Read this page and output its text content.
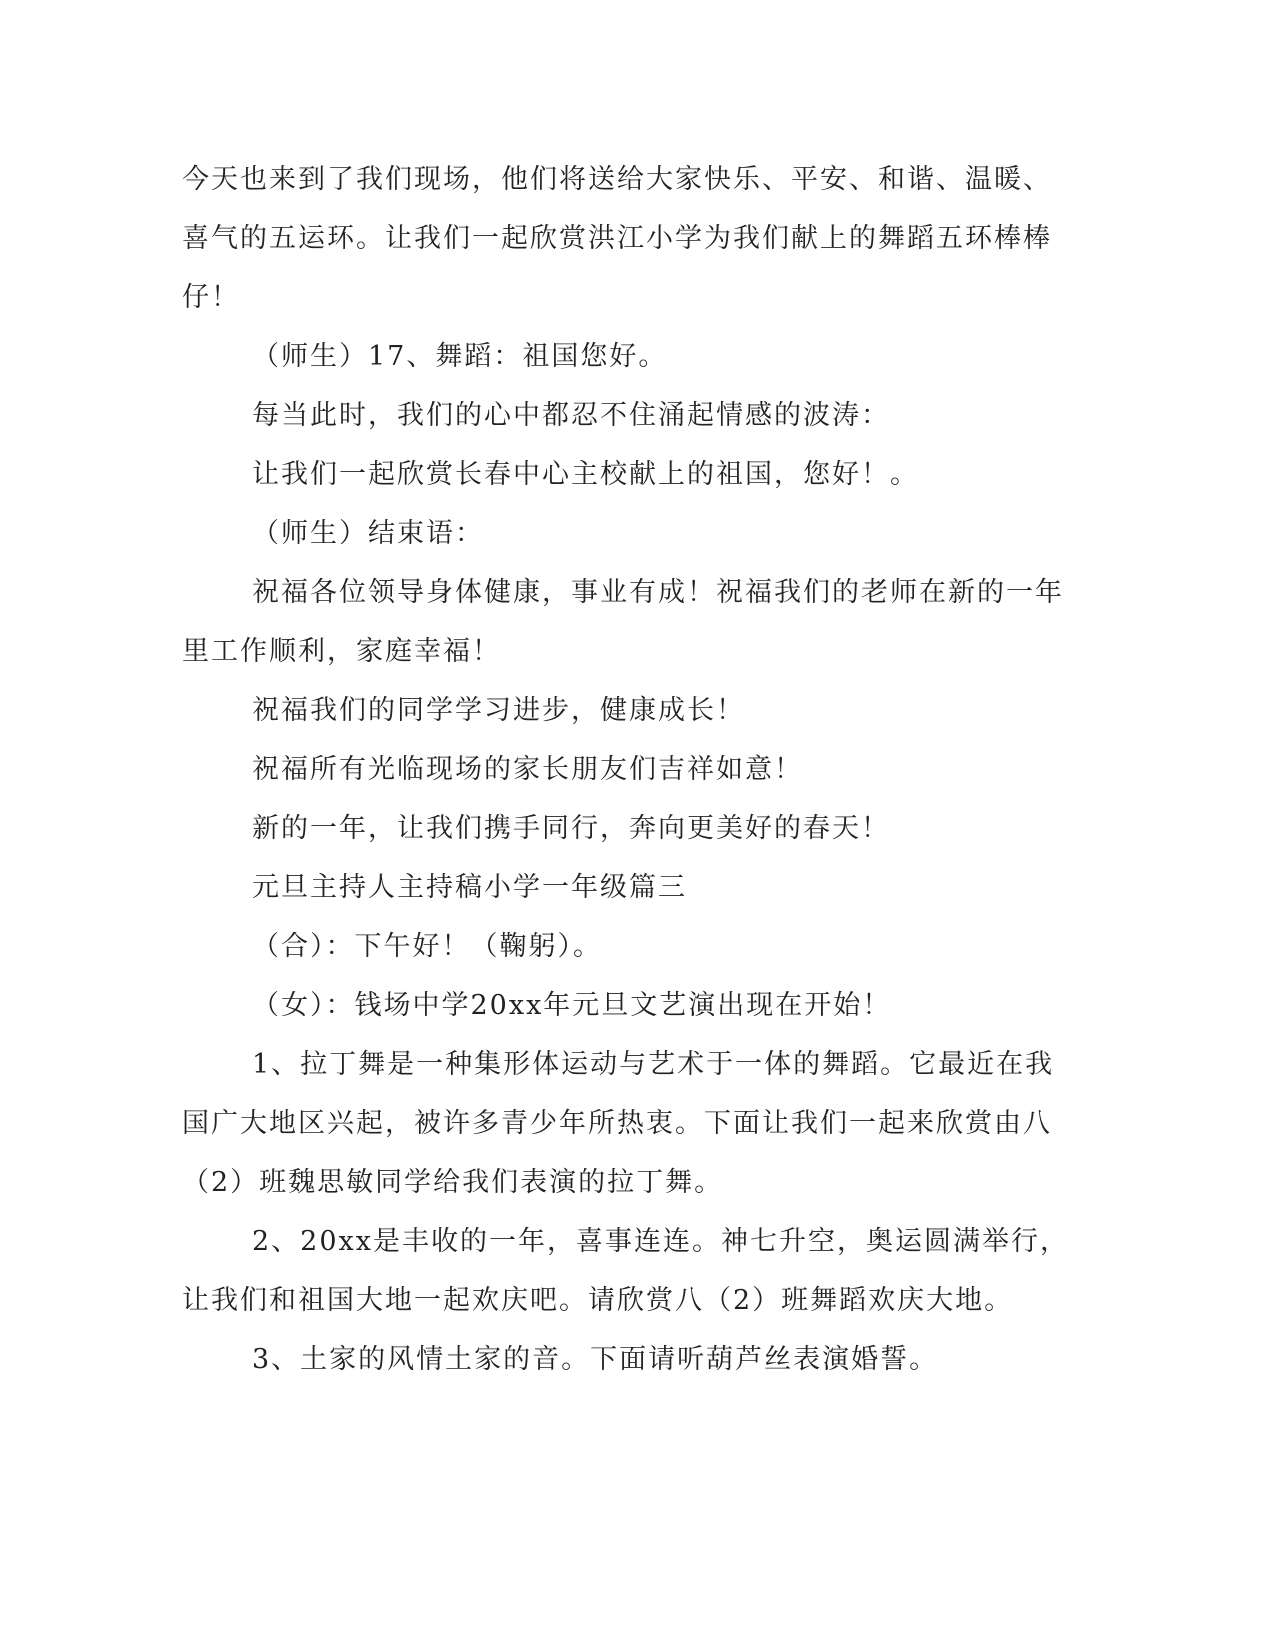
今天也来到了我们现场，他们将送给大家快乐、平安、和谐、温暖、
喜气的五运环。让我们一起欣赏洪江小学为我们献上的舞蹈五环棒棒
仔！
（师生）17、舞蹈：祖国您好。
每当此时，我们的心中都忍不住涌起情感的波涛：
让我们一起欣赏长春中心主校献上的祖国，您好！。
（师生）结束语：
祝福各位领导身体健康，事业有成！祝福我们的老师在新的一年
里工作顺利，家庭幸福！
祝福我们的同学学习进步，健康成长！
祝福所有光临现场的家长朋友们吉祥如意！
新的一年，让我们携手同行，奔向更美好的春天！
元旦主持人主持稿小学一年级篇三
（合）：下午好！（鞠躬）。
（女）：钱场中学20xx年元旦文艺演出现在开始！
1、拉丁舞是一种集形体运动与艺术于一体的舞蹈。它最近在我
国广大地区兴起，被许多青少年所热衷。下面让我们一起来欣赏由八
（2）班魏思敏同学给我们表演的拉丁舞。
2、20xx是丰收的一年，喜事连连。神七升空，奥运圆满举行，
让我们和祖国大地一起欢庆吧。请欣赏八（2）班舞蹈欢庆大地。
3、土家的风情土家的音。下面请听葫芦丝表演婚誓。
